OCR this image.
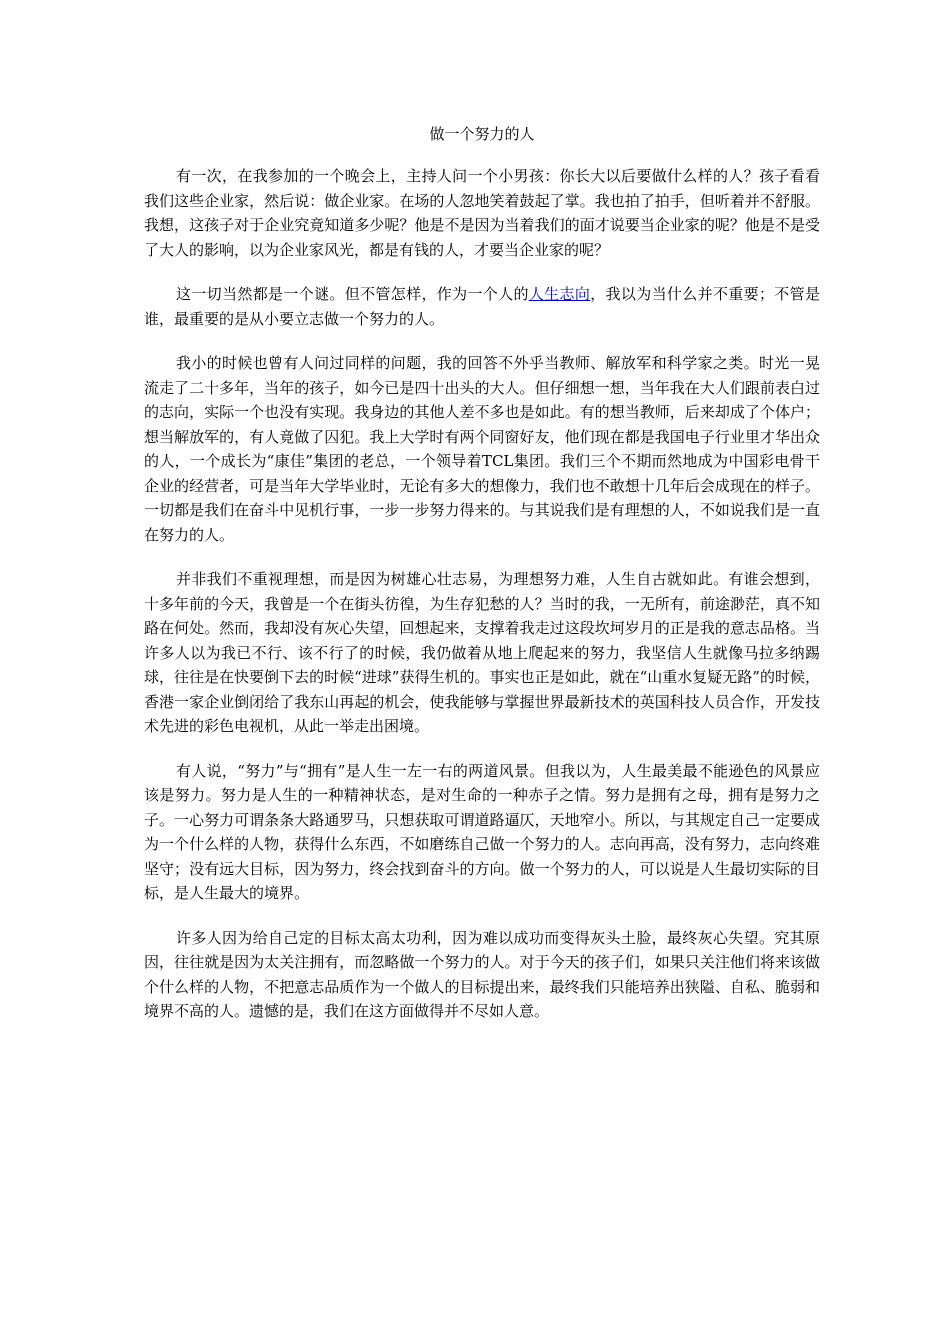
做一个努力的人

有一次，在我参加的一个晚会上，主持人问一个小男孩：你长大以后要做什么样的人？孩子看看我们这些企业家，然后说：做企业家。在场的人忽地笑着鼓起了掌。我也拍了拍手，但听着并不舒服。我想，这孩子对于企业究竟知道多少呢？他是不是因为当着我们的面才说要当企业家的呢？他是不是受了大人的影响，以为企业家风光，都是有钱的人，才要当企业家的呢？

这一切当然都是一个谜。但不管怎样，作为一个人的人生志向，我以为当什么并不重要；不管是谁，最重要的是从小要立志做一个努力的人。

我小的时候也曾有人问过同样的问题，我的回答不外乎当教师、解放军和科学家之类。时光一晃流走了二十多年，当年的孩子，如今已是四十出头的大人。但仔细想一想，当年我在大人们跟前表白过的志向，实际一个也没有实现。我身边的其他人差不多也是如此。有的想当教师，后来却成了个体户；想当解放军的，有人竟做了囚犯。我上大学时有两个同窗好友，他们现在都是我国电子行业里才华出众的人，一个成长为“康佳”集团的老总，一个领导着TCL集团。我们三个不期而然地成为中国彩电骨干企业的经营者，可是当年大学毕业时，无论有多大的想像力，我们也不敢想十几年后会成现在的样子。一切都是我们在奋斗中见机行事，一步一步努力得来的。与其说我们是有理想的人，不如说我们是一直在努力的人。

并非我们不重视理想，而是因为树雄心壮志易，为理想努力难，人生自古就如此。有谁会想到，十多年前的今天，我曾是一个在街头彷徨，为生存犯愁的人？当时的我，一无所有，前途渺茫，真不知路在何处。然而，我却没有灰心失望，回想起来，支撑着我走过这段坎坷岁月的正是我的意志品格。当许多人以为我已不行、该不行了的时候，我仍做着从地上爬起来的努力，我坚信人生就像马拉多纳踢球，往往是在快要倒下去的时候“进球”获得生机的。事实也正是如此，就在“山重水复疑无路”的时候，香港一家企业倒闭给了我东山再起的机会，使我能够与掌握世界最新技术的英国科技人员合作，开发技术先进的彩色电视机，从此一举走出困境。

有人说，“努力”与“拥有”是人生一左一右的两道风景。但我以为，人生最美最不能逊色的风景应该是努力。努力是人生的一种精神状态，是对生命的一种赤子之情。努力是拥有之母，拥有是努力之子。一心努力可谓条条大路通罗马，只想获取可谓道路逼仄，天地窄小。所以，与其规定自己一定要成为一个什么样的人物，获得什么东西，不如磨练自己做一个努力的人。志向再高，没有努力，志向终难坚守；没有远大目标，因为努力，终会找到奋斗的方向。做一个努力的人，可以说是人生最切实际的目标，是人生最大的境界。

许多人因为给自己定的目标太高太功利，因为难以成功而变得灰头土脸，最终灰心失望。究其原因，往往就是因为太关注拥有，而忽略做一个努力的人。对于今天的孩子们，如果只关注他们将来该做个什么样的人物，不把意志品质作为一个做人的目标提出来，最终我们只能培养出狭隘、自私、脆弱和境界不高的人。遗憾的是，我们在这方面做得并不尽如人意。
